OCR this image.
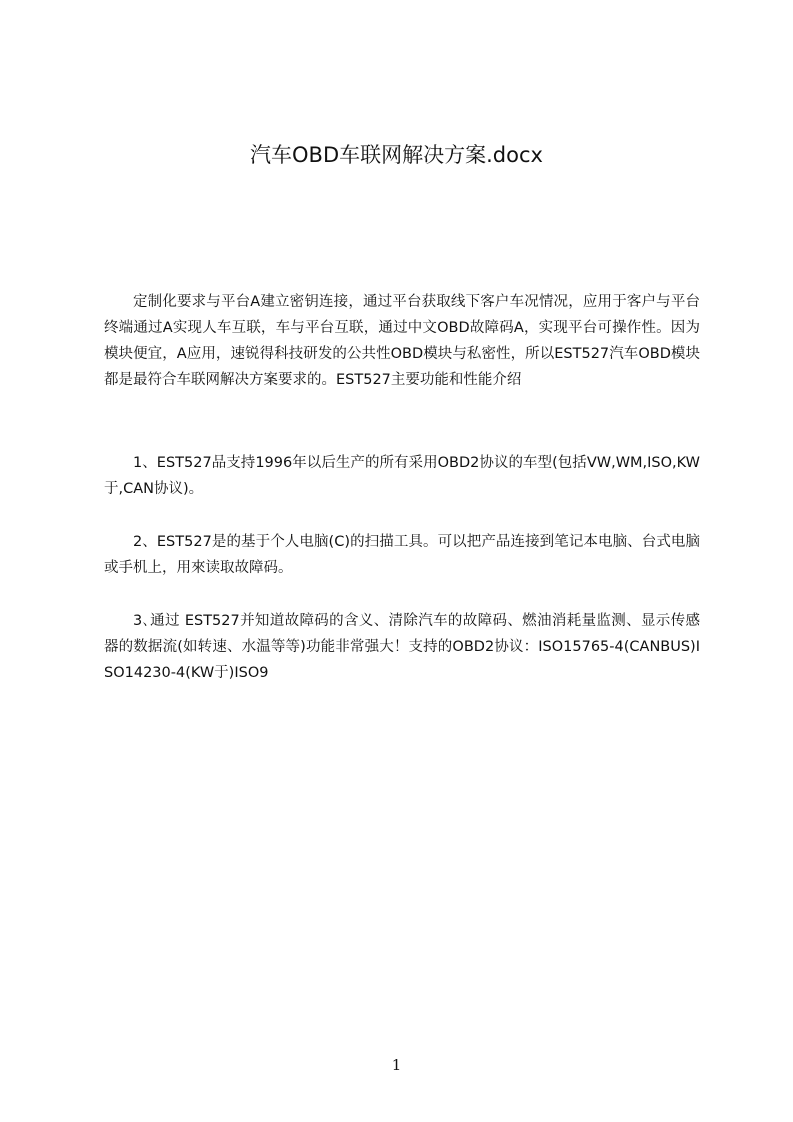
汽车OBD车联网解决方案.docx

定制化要求与平台A建立密钥连接，通过平台获取线下客户车况情况，应用于客户与平台终端通过A实现人车互联，车与平台互联，通过中文OBD故障码A，实现平台可操作性。因为模块便宜，A应用，速锐得科技研发的公共性OBD模块与私密性，所以EST527汽车OBD模块都是最符合车联网解决方案要求的。EST527主要功能和性能介绍

1、EST527品支持1996年以后生产的所有采用OBD2协议的车型(包括VW,WM,ISO,KW于,CAN协议)。

2、EST527是的基于个人电脑(C)的扫描工具。可以把产品连接到笔记本电脑、台式电脑或手机上，用來读取故障码。

3､通过 EST527并知道故障码的含义、清除汽车的故障码、燃油消耗量监测、显示传感器的数据流(如转速、水温等等)功能非常强大！支持的OBD2协议：ISO15765-4(CANBUS)ISO14230-4(KW于)ISO9

1
